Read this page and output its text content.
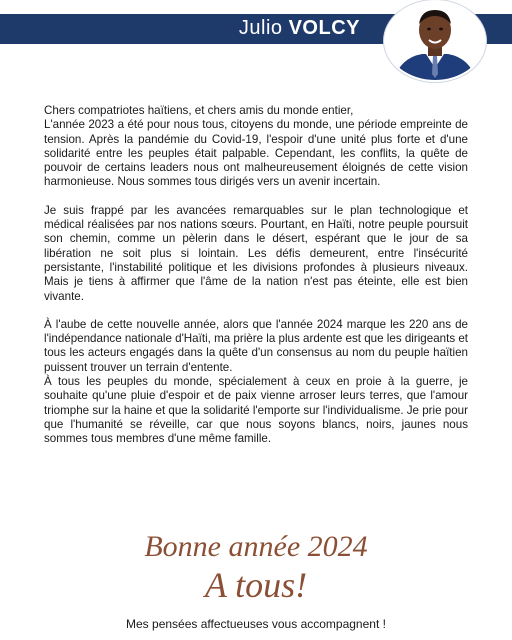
Julio VOLCY

Chers compatriotes haïtiens, et chers amis du monde entier,

L'année 2023 a été pour nous tous, citoyens du monde, une période empreinte de tension. Après la pandémie du Covid-19, l'espoir d'une unité plus forte et d'une solidarité entre les peuples était palpable. Cependant, les conflits, la quête de pouvoir de certains leaders nous ont malheureusement éloignés de cette vision harmonieuse. Nous sommes tous dirigés vers un avenir incertain.

Je suis frappé par les avancées remarquables sur le plan technologique et médical réalisées par nos nations sœurs. Pourtant, en Haïti, notre peuple poursuit son chemin, comme un pèlerin dans le désert, espérant que le jour de sa libération ne soit plus si lointain. Les défis demeurent, entre l'insécurité persistante, l'instabilité politique et les divisions profondes à plusieurs niveaux. Mais je tiens à affirmer que l'âme de la nation n'est pas éteinte, elle est bien vivante.

À l'aube de cette nouvelle année, alors que l'année 2024 marque les 220 ans de l'indépendance nationale d'Haïti, ma prière la plus ardente est que les dirigeants et tous les acteurs engagés dans la quête d'un consensus au nom du peuple haïtien puissent trouver un terrain d'entente.

À tous les peuples du monde, spécialement à ceux en proie à la guerre, je souhaite qu'une pluie d'espoir et de paix vienne arroser leurs terres, que l'amour triomphe sur la haine et que la solidarité l'emporte sur l'individualisme. Je prie pour que l'humanité se réveille, car que nous soyons blancs, noirs, jaunes nous sommes tous membres d'une même famille.

Bonne année 2024
A tous!
Mes pensées affectueuses vous accompagnent !
